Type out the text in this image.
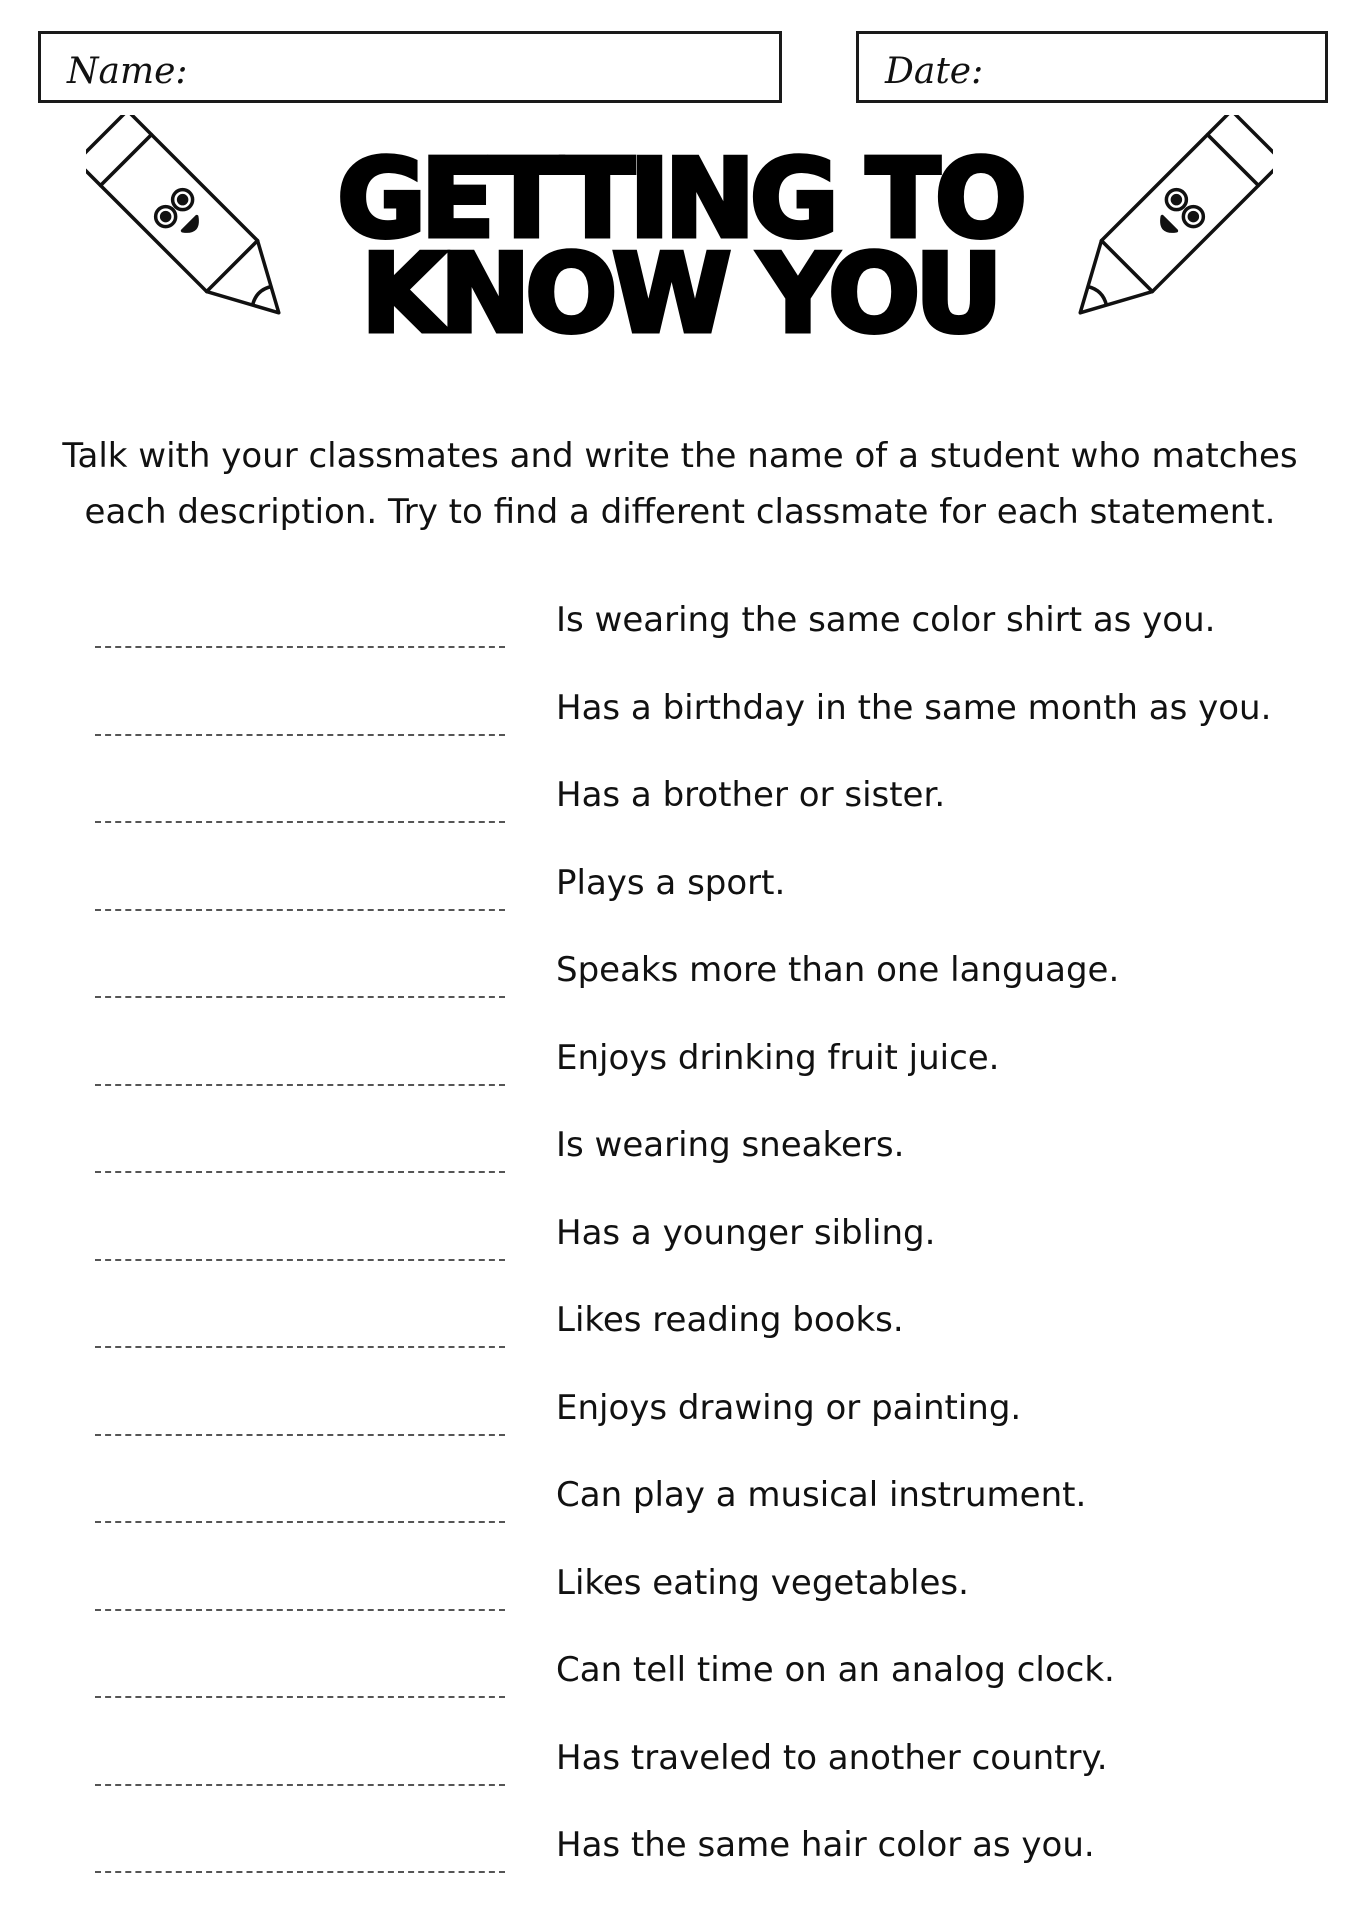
Name:	Date:
GETTING TO
KNOW YOU
Talk with your classmates and write the name of a student who matches
each description. Try to find a different classmate for each statement.
Is wearing the same color shirt as you.
Has a birthday in the same month as you.
Has a brother or sister.
Plays a sport.
Speaks more than one language.
Enjoys drinking fruit juice.
Is wearing sneakers.
Has a younger sibling.
Likes reading books.
Enjoys drawing or painting.
Can play a musical instrument.
Likes eating vegetables.
Can tell time on an analog clock.
Has traveled to another country.
Has the same hair color as you.
